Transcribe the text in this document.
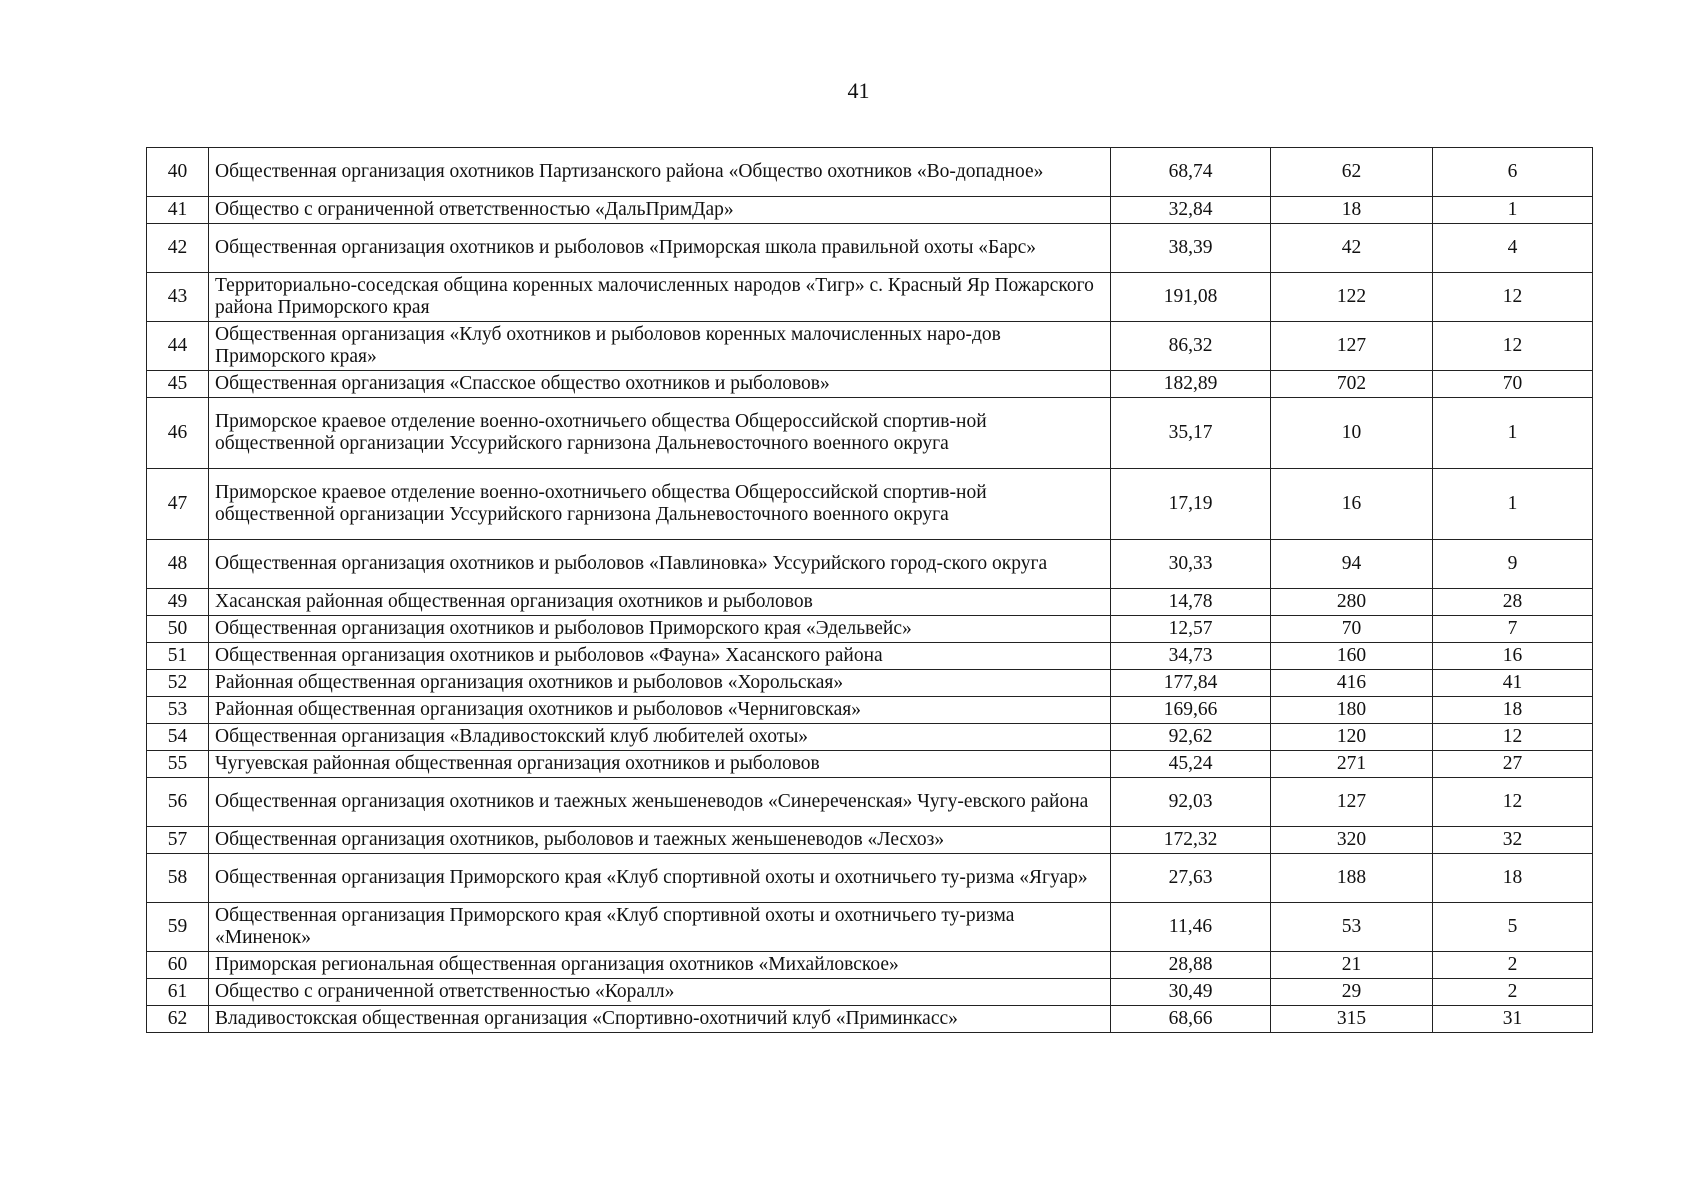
41
40	Общественная организация охотников Партизанского района «Общество охотников «Во-допадное»	68,74	62	6
41	Общество с ограниченной ответственностью «ДальПримДар»	32,84	18	1
42	Общественная организация охотников и рыболовов «Приморская школа правильной охоты «Барс»	38,39	42	4
43	Территориально-соседская община коренных малочисленных народов «Тигр» с. Красный Яр Пожарского района Приморского края	191,08	122	12
44	Общественная организация «Клуб охотников и рыболовов коренных малочисленных наро-дов Приморского края»	86,32	127	12
45	Общественная организация «Спасское общество охотников и рыболовов»	182,89	702	70
46	Приморское краевое отделение военно-охотничьего общества Общероссийской спортив-ной общественной организации Уссурийского гарнизона Дальневосточного военного округа	35,17	10	1
47	Приморское краевое отделение военно-охотничьего общества Общероссийской спортив-ной общественной организации Уссурийского гарнизона Дальневосточного военного округа	17,19	16	1
48	Общественная организация охотников и рыболовов «Павлиновка» Уссурийского город-ского округа	30,33	94	9
49	Хасанская районная общественная организация охотников и рыболовов	14,78	280	28
50	Общественная организация охотников и рыболовов Приморского края «Эдельвейс»	12,57	70	7
51	Общественная организация охотников и рыболовов «Фауна» Хасанского района	34,73	160	16
52	Районная общественная организация охотников и рыболовов «Хорольская»	177,84	416	41
53	Районная общественная организация охотников и рыболовов «Черниговская»	169,66	180	18
54	Общественная организация «Владивостокский клуб любителей охоты»	92,62	120	12
55	Чугуевская районная общественная организация охотников и рыболовов	45,24	271	27
56	Общественная организация охотников и таежных женьшеневодов «Синереченская» Чугу-евского района	92,03	127	12
57	Общественная организация охотников, рыболовов и таежных женьшеневодов «Лесхоз»	172,32	320	32
58	Общественная организация Приморского края «Клуб спортивной охоты и охотничьего ту-ризма «Ягуар»	27,63	188	18
59	Общественная организация Приморского края «Клуб спортивной охоты и охотничьего ту-ризма «Миненок»	11,46	53	5
60	Приморская региональная общественная организация охотников «Михайловское»	28,88	21	2
61	Общество с ограниченной ответственностью «Коралл»	30,49	29	2
62	Владивостокская общественная организация «Спортивно-охотничий клуб «Приминкасс»	68,66	315	31
